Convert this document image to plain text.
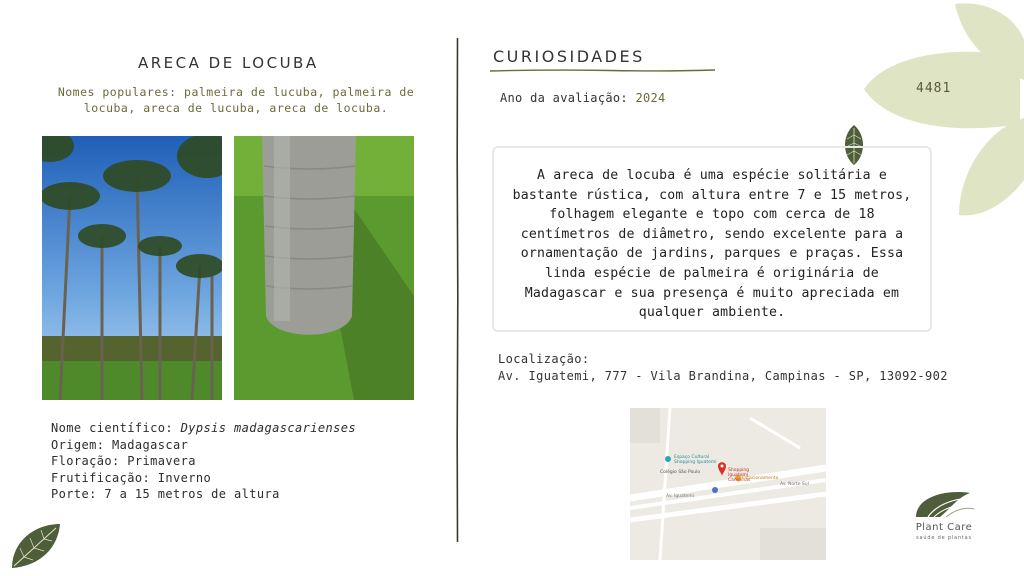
ARECA DE LOCUBA
Nomes populares: palmeira de lucuba, palmeira de locuba, areca de lucuba, areca de locuba.
Nome científico: Dypsis madagascarienses
Origem: Madagascar
Floração: Primavera
Frutificação: Inverno
Porte: 7 a 15 metros de altura
CURIOSIDADES
Ano da avaliação: 2024
4481
A areca de locuba é uma espécie solitária e bastante rústica, com altura entre 7 e 15 metros, folhagem elegante e topo com cerca de 18 centímetros de diâmetro, sendo excelente para a ornamentação de jardins, parques e praças. Essa linda espécie de palmeira é originária de Madagascar e sua presença é muito apreciada em qualquer ambiente.
Localização:
Av. Iguatemi, 777 - Vila Brandina, Campinas - SP, 13092-902
Espaço Cultural Shopping Iguatemi
Shopping Iguatemi Campinas
Colégio São Paulo
Estacionamento
Av. Iguatemi
Av. Norte Sul
Plant Care
saúde de plantas
